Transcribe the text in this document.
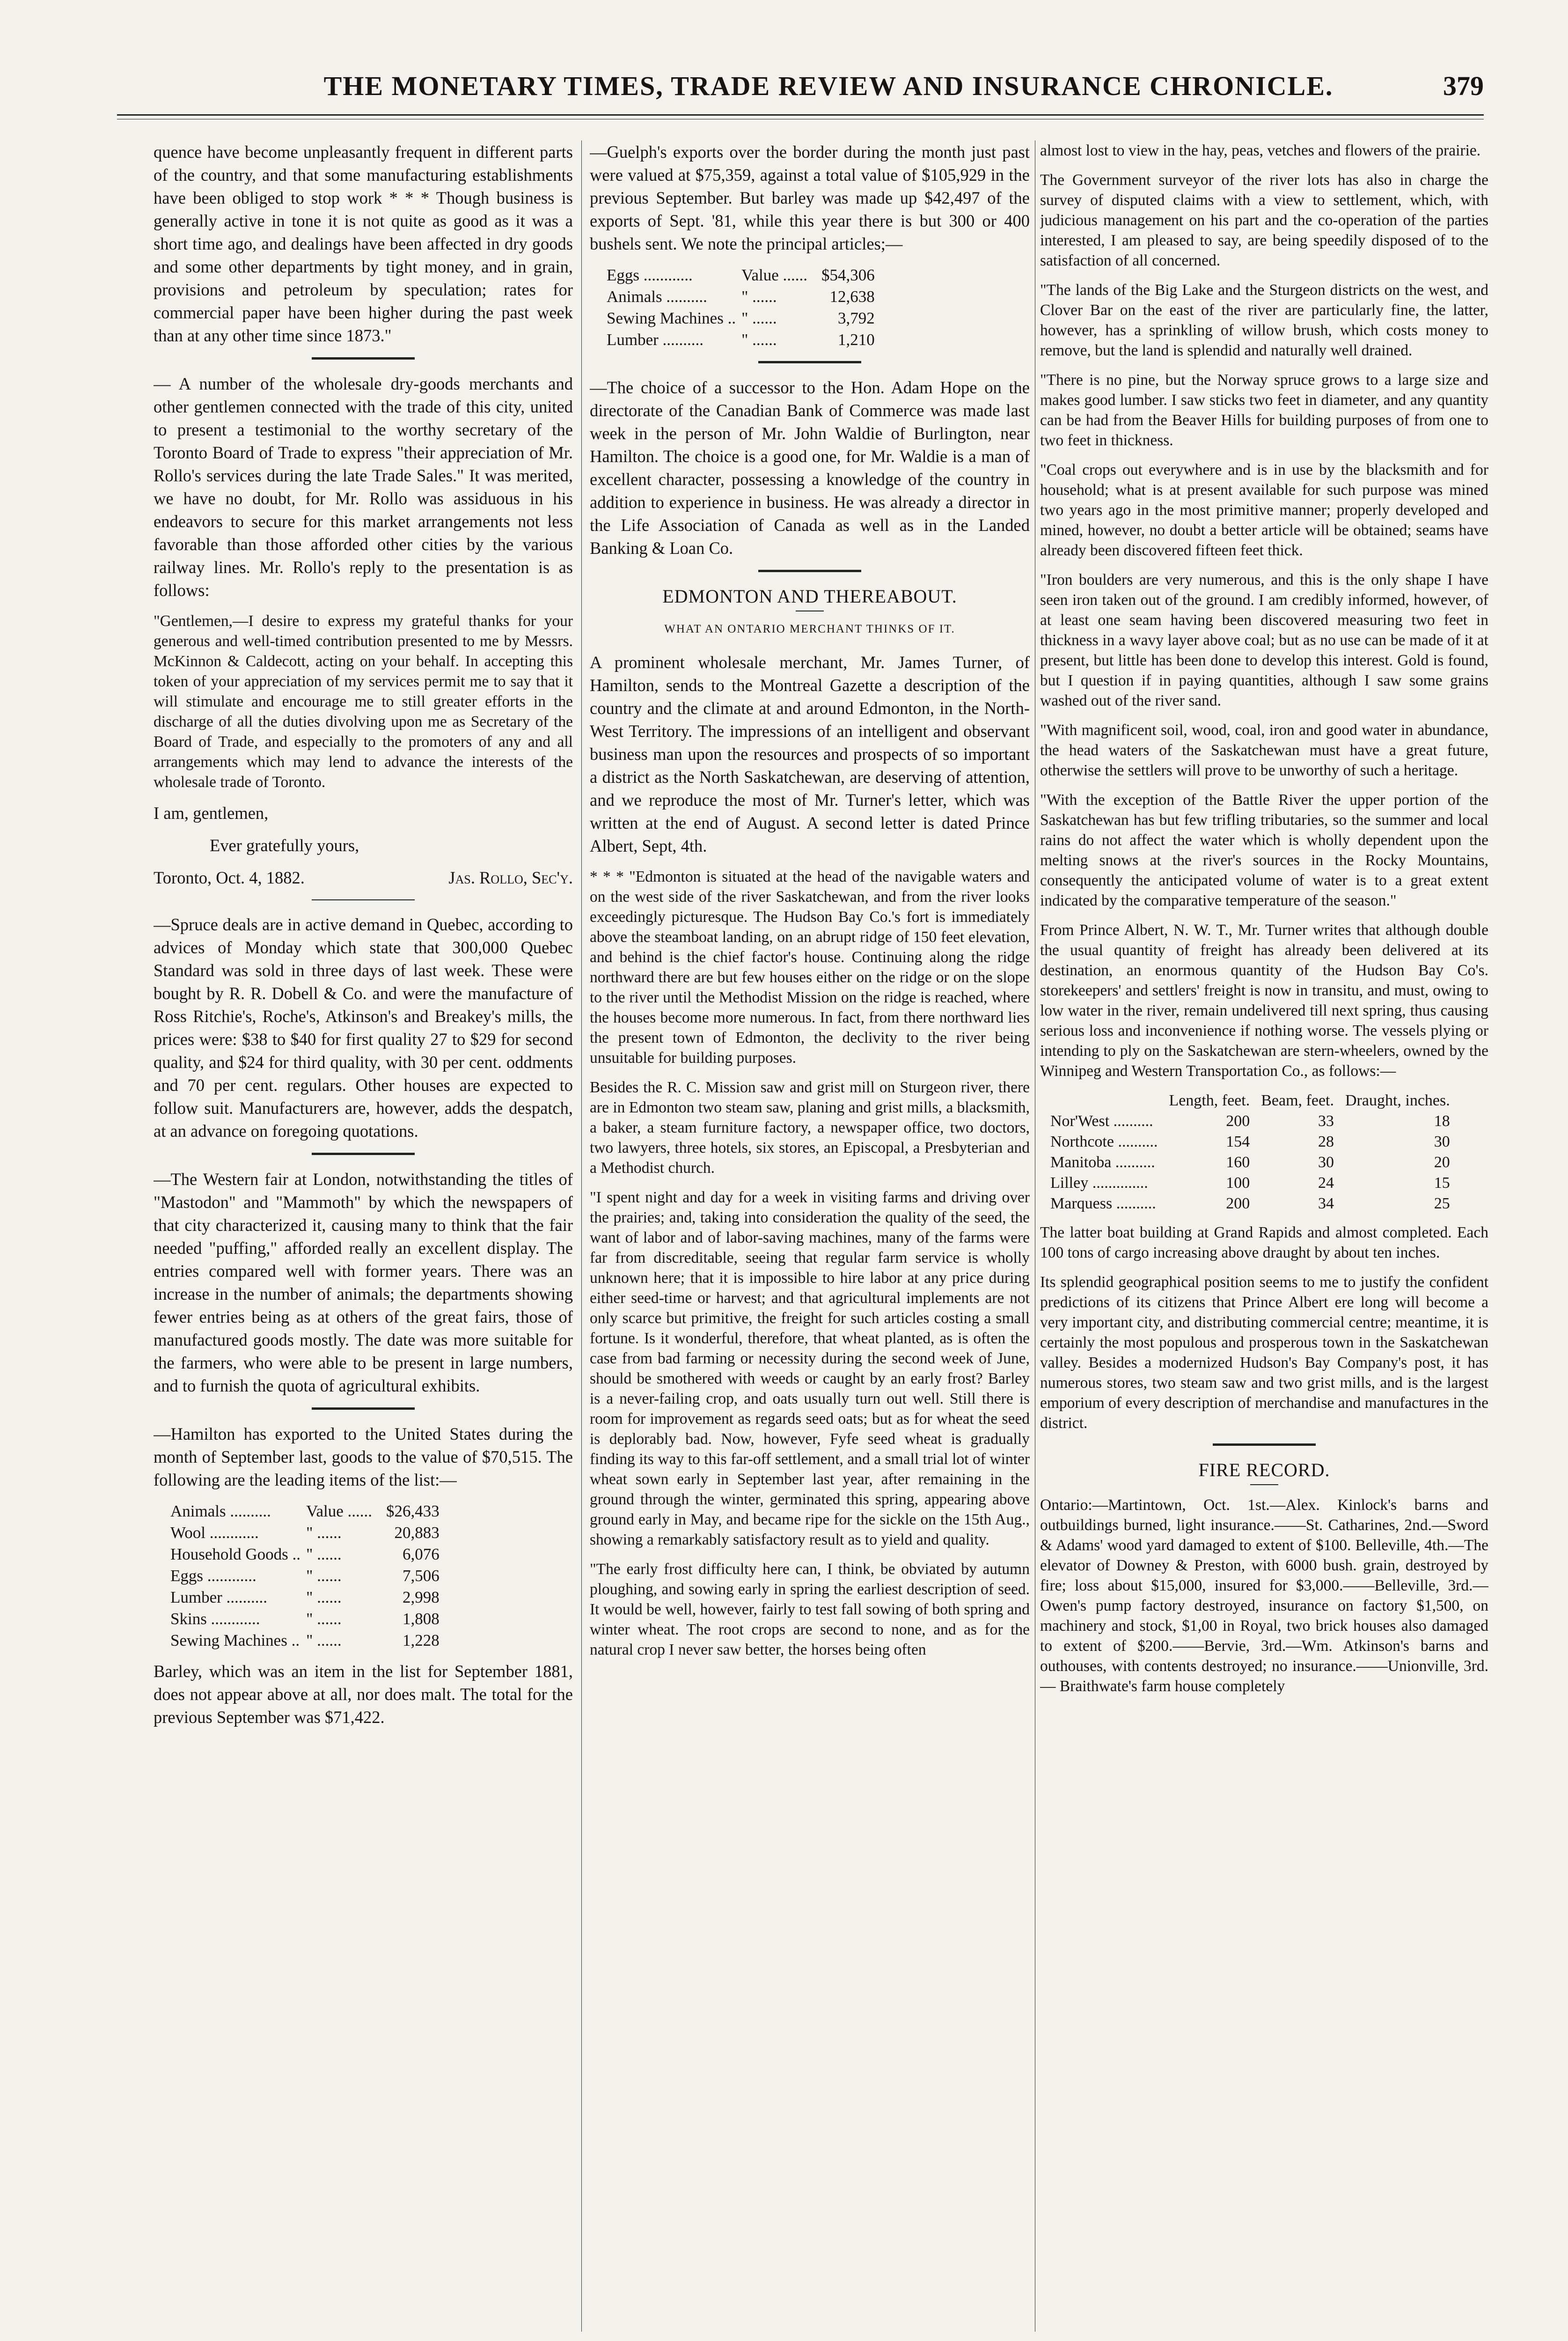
THE MONETARY TIMES, TRADE REVIEW AND INSURANCE CHRONICLE.	379

quence have become unpleasantly frequent in different parts of the country, and that some manufacturing establishments have been obliged to stop work * * * Though business is generally active in tone it is not quite as good as it was a short time ago, and dealings have been affected in dry goods and some other departments by tight money, and in grain, provisions and petroleum by speculation; rates for commercial paper have been higher during the past week than at any other time since 1873."

— A number of the wholesale dry-goods merchants and other gentlemen connected with the trade of this city, united to present a testimonial to the worthy secretary of the Toronto Board of Trade to express "their appreciation of Mr. Rollo's services during the late Trade Sales." It was merited, we have no doubt, for Mr. Rollo was assiduous in his endeavors to secure for this market arrangements not less favorable than those afforded other cities by the various railway lines. Mr. Rollo's reply to the presentation is as follows:

"Gentlemen,—I desire to express my grateful thanks for your generous and well-timed contribution presented to me by Messrs. McKinnon & Caldecott, acting on your behalf. In accepting this token of your appreciation of my services permit me to say that it will stimulate and encourage me to still greater efforts in the discharge of all the duties divolving upon me as Secretary of the Board of Trade, and especially to the promoters of any and all arrangements which may lend to advance the interests of the wholesale trade of Toronto.

I am, gentlemen,

Ever gratefully yours,

Toronto, Oct. 4, 1882.	Jas. Rollo, Sec'y.

—Spruce deals are in active demand in Quebec, according to advices of Monday which state that 300,000 Quebec Standard was sold in three days of last week. These were bought by R. R. Dobell & Co. and were the manufacture of Ross Ritchie's, Roche's, Atkinson's and Breakey's mills, the prices were: $38 to $40 for first quality 27 to $29 for second quality, and $24 for third quality, with 30 per cent. oddments and 70 per cent. regulars. Other houses are expected to follow suit. Manufacturers are, however, adds the despatch, at an advance on foregoing quotations.

—The Western fair at London, notwithstanding the titles of "Mastodon" and "Mammoth" by which the newspapers of that city characterized it, causing many to think that the fair needed "puffing," afforded really an excellent display. The entries compared well with former years. There was an increase in the number of animals; the departments showing fewer entries being as at others of the great fairs, those of manufactured goods mostly. The date was more suitable for the farmers, who were able to be present in large numbers, and to furnish the quota of agricultural exhibits.

—Hamilton has exported to the United States during the month of September last, goods to the value of $70,515. The following are the leading items of the list:—

Animals ..........	Value ......	$26,433
Wool ............	" ......	20,883
Household Goods ..	" ......	6,076
Eggs ............	" ......	7,506
Lumber ..........	" ......	2,998
Skins ............	" ......	1,808
Sewing Machines ..	" ......	1,228

Barley, which was an item in the list for September 1881, does not appear above at all, nor does malt. The total for the previous September was $71,422.

—Guelph's exports over the border during the month just past were valued at $75,359, against a total value of $105,929 in the previous September. But barley was made up $42,497 of the exports of Sept. '81, while this year there is but 300 or 400 bushels sent. We note the principal articles;—

Eggs ............	Value ......	$54,306
Animals ..........	" ......	12,638
Sewing Machines ..	" ......	3,792
Lumber ..........	" ......	1,210

—The choice of a successor to the Hon. Adam Hope on the directorate of the Canadian Bank of Commerce was made last week in the person of Mr. John Waldie of Burlington, near Hamilton. The choice is a good one, for Mr. Waldie is a man of excellent character, possessing a knowledge of the country in addition to experience in business. He was already a director in the Life Association of Canada as well as in the Landed Banking & Loan Co.

EDMONTON AND THEREABOUT.
WHAT AN ONTARIO MERCHANT THINKS OF IT.

A prominent wholesale merchant, Mr. James Turner, of Hamilton, sends to the Montreal Gazette a description of the country and the climate at and around Edmonton, in the North-West Territory. The impressions of an intelligent and observant business man upon the resources and prospects of so important a district as the North Saskatchewan, are deserving of attention, and we reproduce the most of Mr. Turner's letter, which was written at the end of August. A second letter is dated Prince Albert, Sept, 4th.

* * * "Edmonton is situated at the head of the navigable waters and on the west side of the river Saskatchewan, and from the river looks exceedingly picturesque. The Hudson Bay Co.'s fort is immediately above the steamboat landing, on an abrupt ridge of 150 feet elevation, and behind is the chief factor's house. Continuing along the ridge northward there are but few houses either on the ridge or on the slope to the river until the Methodist Mission on the ridge is reached, where the houses become more numerous. In fact, from there northward lies the present town of Edmonton, the declivity to the river being unsuitable for building purposes.

Besides the R. C. Mission saw and grist mill on Sturgeon river, there are in Edmonton two steam saw, planing and grist mills, a blacksmith, a baker, a steam furniture factory, a newspaper office, two doctors, two lawyers, three hotels, six stores, an Episcopal, a Presbyterian and a Methodist church.

"I spent night and day for a week in visiting farms and driving over the prairies; and, taking into consideration the quality of the seed, the want of labor and of labor-saving machines, many of the farms were far from discreditable, seeing that regular farm service is wholly unknown here; that it is impossible to hire labor at any price during either seed-time or harvest; and that agricultural implements are not only scarce but primitive, the freight for such articles costing a small fortune. Is it wonderful, therefore, that wheat planted, as is often the case from bad farming or necessity during the second week of June, should be smothered with weeds or caught by an early frost? Barley is a never-failing crop, and oats usually turn out well. Still there is room for improvement as regards seed oats; but as for wheat the seed is deplorably bad. Now, however, Fyfe seed wheat is gradually finding its way to this far-off settlement, and a small trial lot of winter wheat sown early in September last year, after remaining in the ground through the winter, germinated this spring, appearing above ground early in May, and became ripe for the sickle on the 15th Aug., showing a remarkably satisfactory result as to yield and quality.

"The early frost difficulty here can, I think, be obviated by autumn ploughing, and sowing early in spring the earliest description of seed. It would be well, however, fairly to test fall sowing of both spring and winter wheat. The root crops are second to none, and as for the natural crop I never saw better, the horses being often

almost lost to view in the hay, peas, vetches and flowers of the prairie.

The Government surveyor of the river lots has also in charge the survey of disputed claims with a view to settlement, which, with judicious management on his part and the co-operation of the parties interested, I am pleased to say, are being speedily disposed of to the satisfaction of all concerned.

"The lands of the Big Lake and the Sturgeon districts on the west, and Clover Bar on the east of the river are particularly fine, the latter, however, has a sprinkling of willow brush, which costs money to remove, but the land is splendid and naturally well drained.

"There is no pine, but the Norway spruce grows to a large size and makes good lumber. I saw sticks two feet in diameter, and any quantity can be had from the Beaver Hills for building purposes of from one to two feet in thickness.

"Coal crops out everywhere and is in use by the blacksmith and for household; what is at present available for such purpose was mined two years ago in the most primitive manner; properly developed and mined, however, no doubt a better article will be obtained; seams have already been discovered fifteen feet thick.

"Iron boulders are very numerous, and this is the only shape I have seen iron taken out of the ground. I am credibly informed, however, of at least one seam having been discovered measuring two feet in thickness in a wavy layer above coal; but as no use can be made of it at present, but little has been done to develop this interest. Gold is found, but I question if in paying quantities, although I saw some grains washed out of the river sand.

"With magnificent soil, wood, coal, iron and good water in abundance, the head waters of the Saskatchewan must have a great future, otherwise the settlers will prove to be unworthy of such a heritage.

"With the exception of the Battle River the upper portion of the Saskatchewan has but few trifling tributaries, so the summer and local rains do not affect the water which is wholly dependent upon the melting snows at the river's sources in the Rocky Mountains, consequently the anticipated volume of water is to a great extent indicated by the comparative temperature of the season."

From Prince Albert, N. W. T., Mr. Turner writes that although double the usual quantity of freight has already been delivered at its destination, an enormous quantity of the Hudson Bay Co's. storekeepers' and settlers' freight is now in transitu, and must, owing to low water in the river, remain undelivered till next spring, thus causing serious loss and inconvenience if nothing worse. The vessels plying or intending to ply on the Saskatchewan are stern-wheelers, owned by the Winnipeg and Western Transportation Co., as follows:—

	Length, feet.	Beam, feet.	Draught, inches.
Nor'West ..........	200	33	18
Northcote ..........	154	28	30
Manitoba ..........	160	30	20
Lilley ..............	100	24	15
Marquess ..........	200	34	25

The latter boat building at Grand Rapids and almost completed. Each 100 tons of cargo increasing above draught by about ten inches.

Its splendid geographical position seems to me to justify the confident predictions of its citizens that Prince Albert ere long will become a very important city, and distributing commercial centre; meantime, it is certainly the most populous and prosperous town in the Saskatchewan valley. Besides a modernized Hudson's Bay Company's post, it has numerous stores, two steam saw and two grist mills, and is the largest emporium of every description of merchandise and manufactures in the district.

FIRE RECORD.

Ontario:—Martintown, Oct. 1st.—Alex. Kinlock's barns and outbuildings burned, light insurance.——St. Catharines, 2nd.—Sword & Adams' wood yard damaged to extent of $100. Belleville, 4th.—The elevator of Downey & Preston, with 6000 bush. grain, destroyed by fire; loss about $15,000, insured for $3,000.——Belleville, 3rd.—Owen's pump factory destroyed, insurance on factory $1,500, on machinery and stock, $1,00 in Royal, two brick houses also damaged to extent of $200.——Bervie, 3rd.—Wm. Atkinson's barns and outhouses, with contents destroyed; no insurance.——Unionville, 3rd. — Braithwate's farm house completely
